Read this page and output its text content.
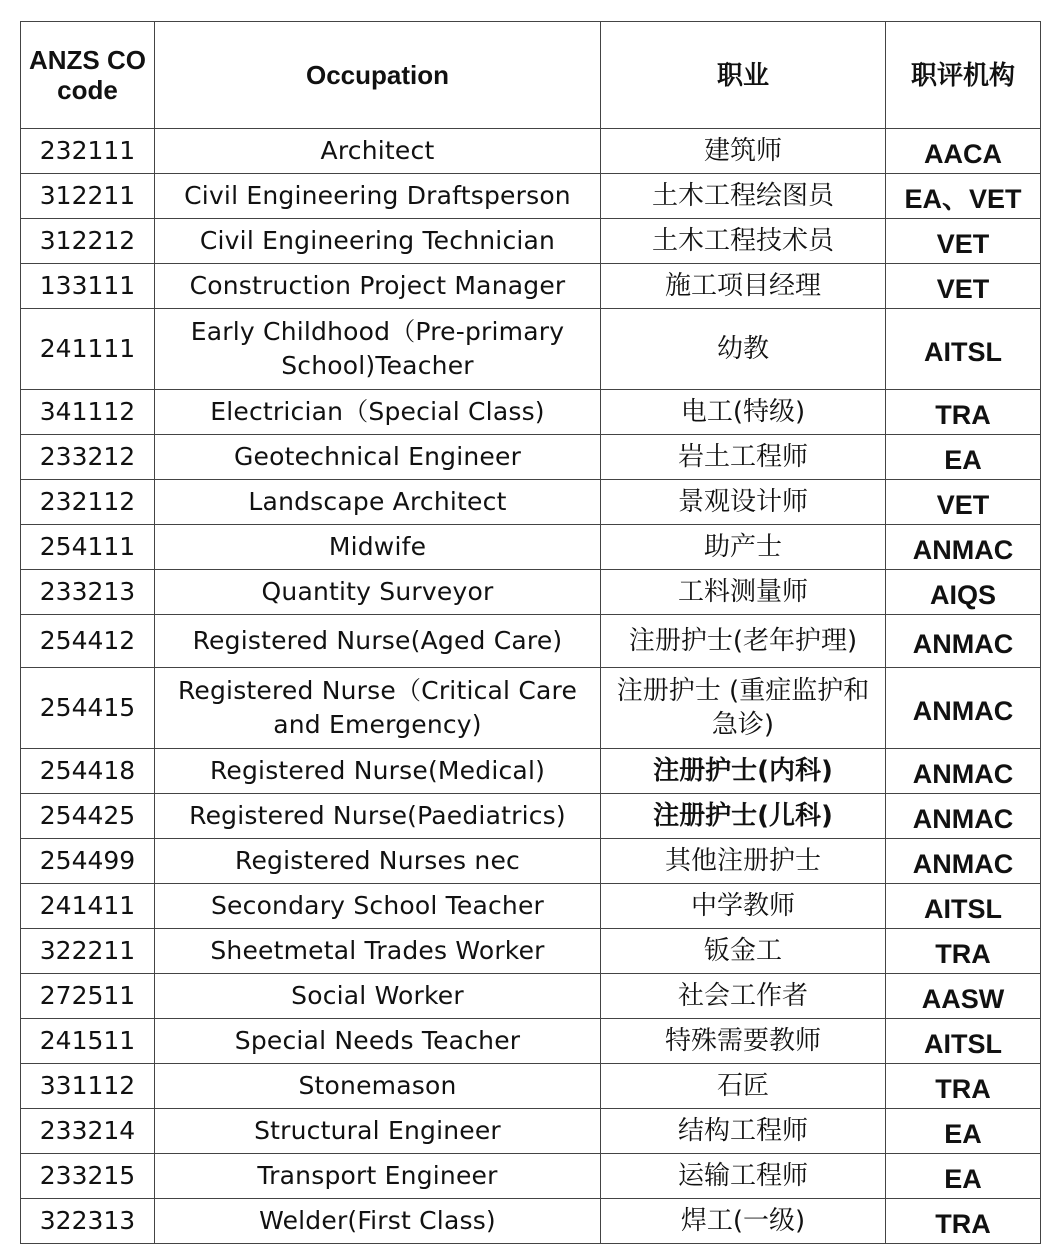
ANZS CO code	Occupation	职业	职评机构
232111	Architect	建筑师	AACA
312211	Civil Engineering Draftsperson	土木工程绘图员	EA、VET
312212	Civil Engineering Technician	土木工程技术员	VET
133111	Construction Project Manager	施工项目经理	VET
241111	Early Childhood（Pre-primary School)Teacher	幼教	AITSL
341112	Electrician（Special Class)	电工(特级)	TRA
233212	Geotechnical Engineer	岩土工程师	EA
232112	Landscape Architect	景观设计师	VET
254111	Midwife	助产士	ANMAC
233213	Quantity Surveyor	工料测量师	AIQS
254412	Registered Nurse(Aged Care)	注册护士(老年护理)	ANMAC
254415	Registered Nurse（Critical Care and Emergency)	注册护士 (重症监护和急诊)	ANMAC
254418	Registered Nurse(Medical)	注册护士(内科)	ANMAC
254425	Registered Nurse(Paediatrics)	注册护士(儿科)	ANMAC
254499	Registered Nurses nec	其他注册护士	ANMAC
241411	Secondary School Teacher	中学教师	AITSL
322211	Sheetmetal Trades Worker	钣金工	TRA
272511	Social Worker	社会工作者	AASW
241511	Special Needs Teacher	特殊需要教师	AITSL
331112	Stonemason	石匠	TRA
233214	Structural Engineer	结构工程师	EA
233215	Transport Engineer	运输工程师	EA
322313	Welder(First Class)	焊工(一级)	TRA
